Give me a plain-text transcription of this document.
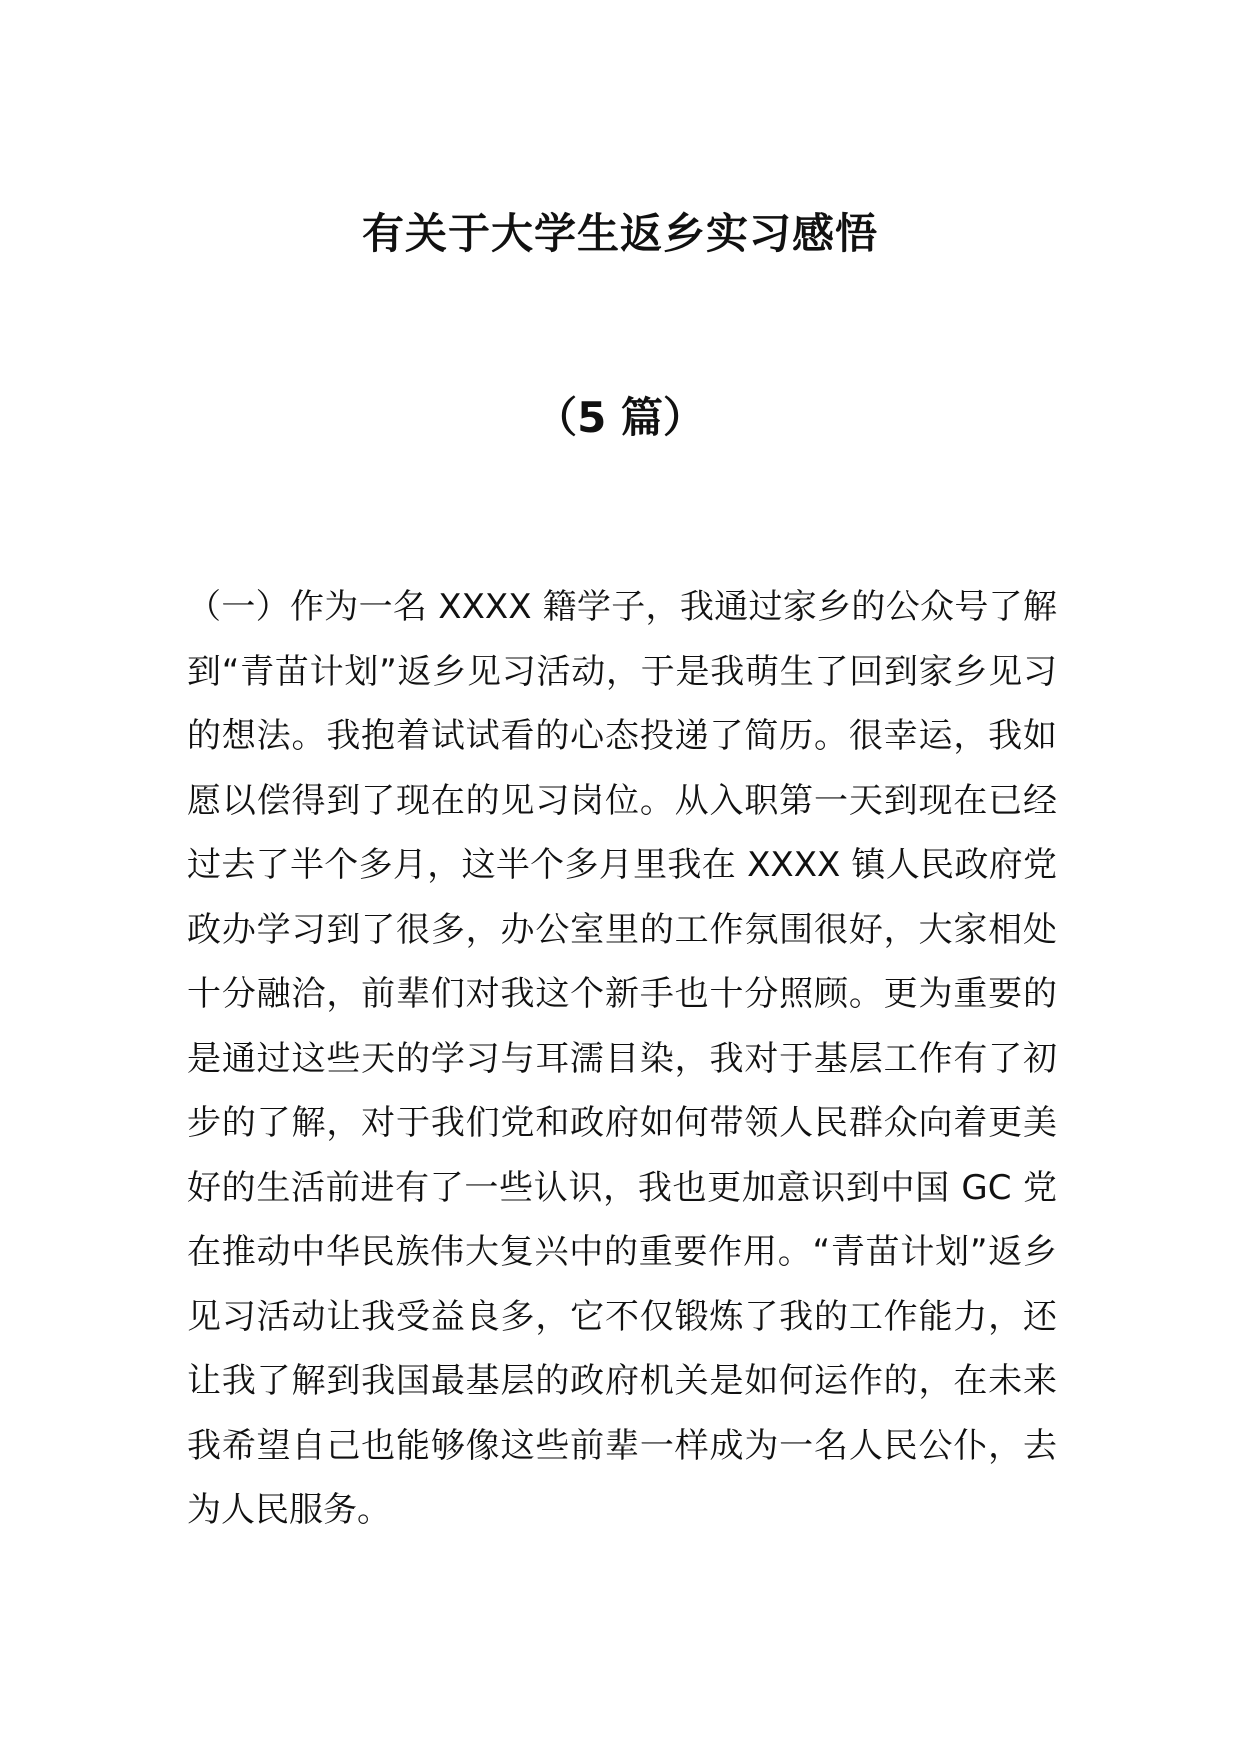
有关于大学生返乡实习感悟
（5 篇）

（一）作为一名 XXXX 籍学子，我通过家乡的公众号了解到“青苗计划”返乡见习活动，于是我萌生了回到家乡见习的想法。我抱着试试看的心态投递了简历。很幸运，我如愿以偿得到了现在的见习岗位。从入职第一天到现在已经过去了半个多月，这半个多月里我在 XXXX 镇人民政府党政办学习到了很多，办公室里的工作氛围很好，大家相处十分融洽，前辈们对我这个新手也十分照顾。更为重要的是通过这些天的学习与耳濡目染，我对于基层工作有了初步的了解，对于我们党和政府如何带领人民群众向着更美好的生活前进有了一些认识，我也更加意识到中国 GC 党在推动中华民族伟大复兴中的重要作用。“青苗计划”返乡见习活动让我受益良多，它不仅锻炼了我的工作能力，还让我了解到我国最基层的政府机关是如何运作的，在未来我希望自己也能够像这些前辈一样成为一名人民公仆，去为人民服务。
